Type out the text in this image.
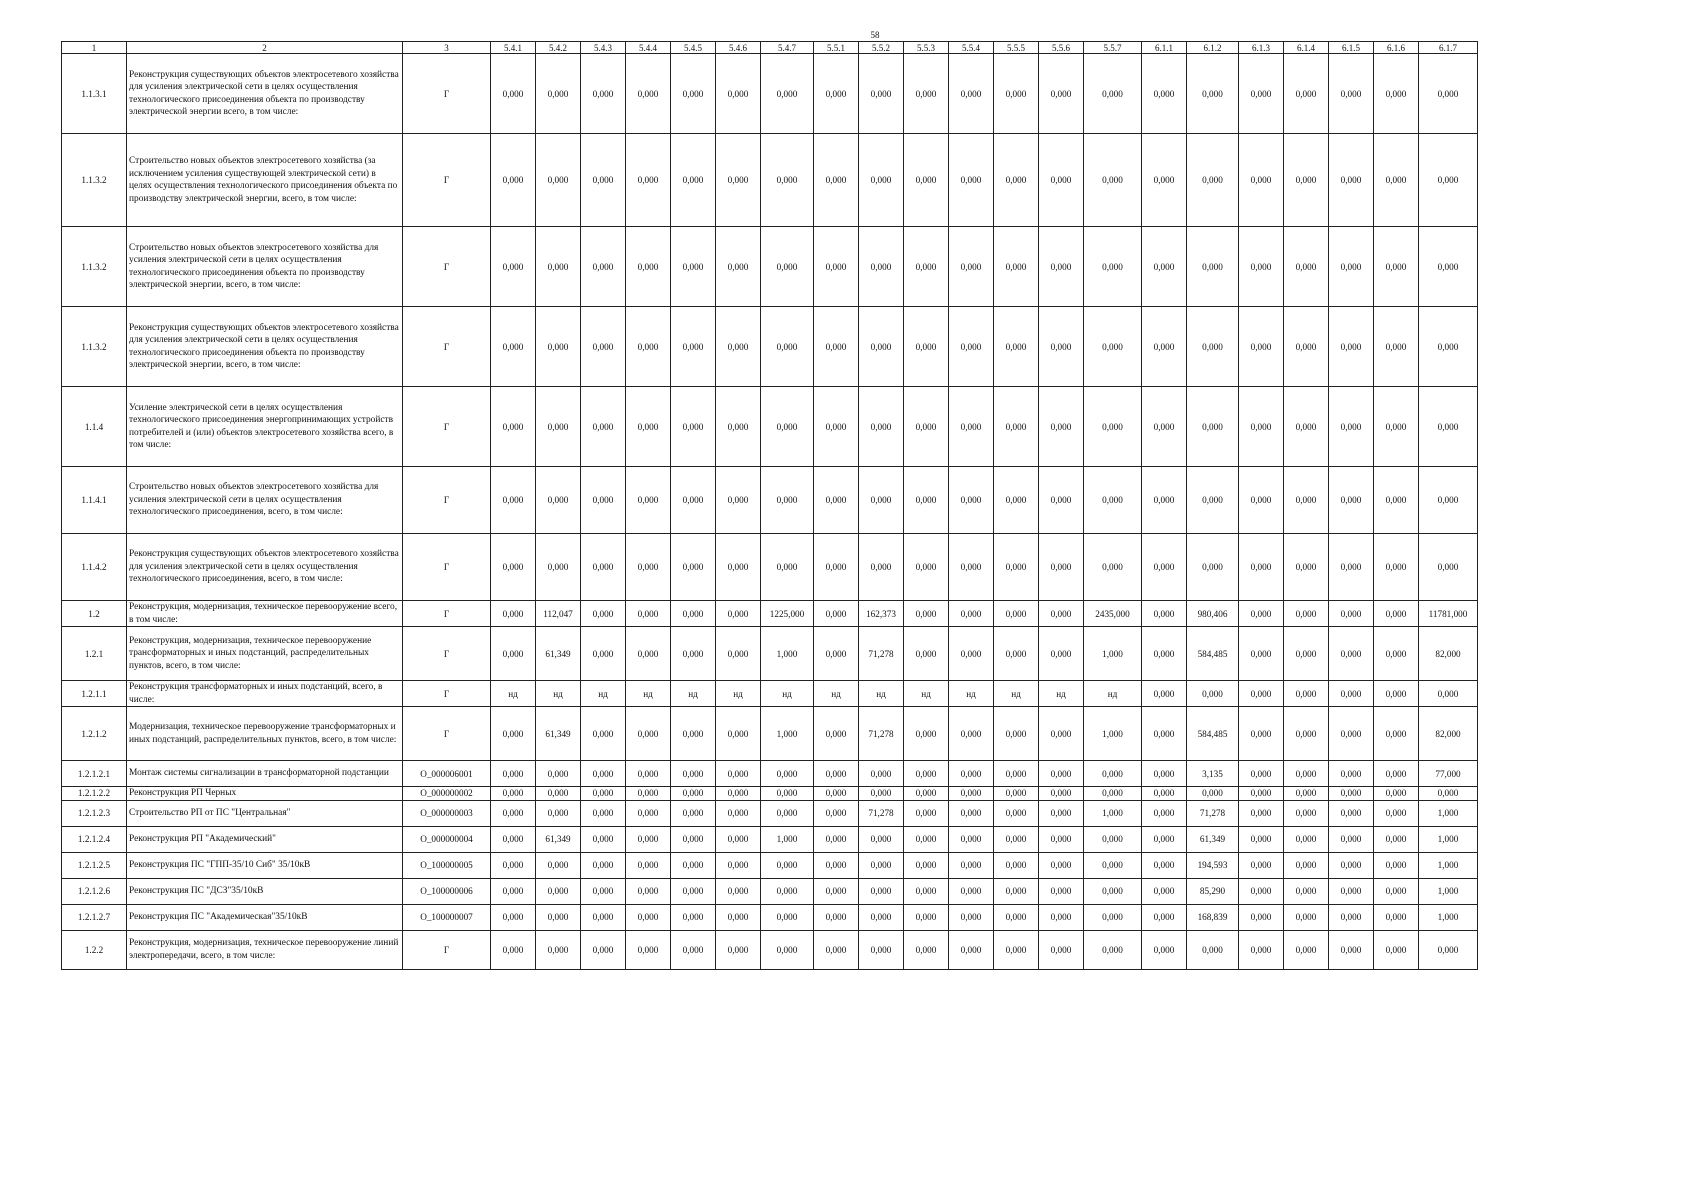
58
1	2	3	5.4.1	5.4.2	5.4.3	5.4.4	5.4.5	5.4.6	5.4.7	5.5.1	5.5.2	5.5.3	5.5.4	5.5.5	5.5.6	5.5.7	6.1.1	6.1.2	6.1.3	6.1.4	6.1.5	6.1.6	6.1.7
1.1.3.1	Реконструкция существующих объектов электросетевого хозяйства для усиления электрической сети в целях осуществления технологического присоединения объекта по производству электрической энергии всего, в том числе:	Г	0,000	0,000	0,000	0,000	0,000	0,000	0,000	0,000	0,000	0,000	0,000	0,000	0,000	0,000	0,000	0,000	0,000	0,000	0,000	0,000	0,000
1.1.3.2	Строительство новых объектов электросетевого хозяйства (за исключением усиления существующей электрической сети) в целях осуществления технологического присоединения объекта по производству электрической энергии, всего, в том числе:	Г	0,000	0,000	0,000	0,000	0,000	0,000	0,000	0,000	0,000	0,000	0,000	0,000	0,000	0,000	0,000	0,000	0,000	0,000	0,000	0,000	0,000
1.1.3.2	Строительство новых объектов электросетевого хозяйства для усиления электрической сети в целях осуществления технологического присоединения объекта по производству электрической энергии, всего, в том числе:	Г	0,000	0,000	0,000	0,000	0,000	0,000	0,000	0,000	0,000	0,000	0,000	0,000	0,000	0,000	0,000	0,000	0,000	0,000	0,000	0,000	0,000
1.1.3.2	Реконструкция существующих объектов электросетевого хозяйства для усиления электрической сети в целях осуществления технологического присоединения объекта по производству электрической энергии, всего, в том числе:	Г	0,000	0,000	0,000	0,000	0,000	0,000	0,000	0,000	0,000	0,000	0,000	0,000	0,000	0,000	0,000	0,000	0,000	0,000	0,000	0,000	0,000
1.1.4	Усиление электрической сети в целях осуществления технологического присоединения энергопринимающих устройств потребителей и (или) объектов электросетевого хозяйства всего, в том числе:	Г	0,000	0,000	0,000	0,000	0,000	0,000	0,000	0,000	0,000	0,000	0,000	0,000	0,000	0,000	0,000	0,000	0,000	0,000	0,000	0,000	0,000
1.1.4.1	Строительство новых объектов электросетевого хозяйства для усиления электрической сети в целях осуществления технологического присоединения, всего, в том числе:	Г	0,000	0,000	0,000	0,000	0,000	0,000	0,000	0,000	0,000	0,000	0,000	0,000	0,000	0,000	0,000	0,000	0,000	0,000	0,000	0,000	0,000
1.1.4.2	Реконструкция существующих объектов электросетевого хозяйства для усиления электрической сети в целях осуществления технологического присоединения, всего, в том числе:	Г	0,000	0,000	0,000	0,000	0,000	0,000	0,000	0,000	0,000	0,000	0,000	0,000	0,000	0,000	0,000	0,000	0,000	0,000	0,000	0,000	0,000
1.2	Реконструкция, модернизация, техническое перевооружение всего, в том числе:	Г	0,000	112,047	0,000	0,000	0,000	0,000	1225,000	0,000	162,373	0,000	0,000	0,000	0,000	2435,000	0,000	980,406	0,000	0,000	0,000	0,000	11781,000
1.2.1	Реконструкция, модернизация, техническое перевооружение трансформаторных и иных подстанций, распределительных пунктов, всего, в том числе:	Г	0,000	61,349	0,000	0,000	0,000	0,000	1,000	0,000	71,278	0,000	0,000	0,000	0,000	1,000	0,000	584,485	0,000	0,000	0,000	0,000	82,000
1.2.1.1	Реконструкция трансформаторных и иных подстанций, всего, в числе:	Г	нд	нд	нд	нд	нд	нд	нд	нд	нд	нд	нд	нд	нд	нд	0,000	0,000	0,000	0,000	0,000	0,000	0,000
1.2.1.2	Модернизация, техническое перевооружение трансформаторных и иных подстанций, распределительных пунктов, всего, в том числе:	Г	0,000	61,349	0,000	0,000	0,000	0,000	1,000	0,000	71,278	0,000	0,000	0,000	0,000	1,000	0,000	584,485	0,000	0,000	0,000	0,000	82,000
1.2.1.2.1	Монтаж системы сигнализации в трансформаторной подстанции	O_000006001	0,000	0,000	0,000	0,000	0,000	0,000	0,000	0,000	0,000	0,000	0,000	0,000	0,000	0,000	0,000	3,135	0,000	0,000	0,000	0,000	77,000
1.2.1.2.2	Реконструкция РП Черных	O_000000002	0,000	0,000	0,000	0,000	0,000	0,000	0,000	0,000	0,000	0,000	0,000	0,000	0,000	0,000	0,000	0,000	0,000	0,000	0,000	0,000	0,000
1.2.1.2.3	Строительство РП от ПС "Центральная"	O_000000003	0,000	0,000	0,000	0,000	0,000	0,000	0,000	0,000	71,278	0,000	0,000	0,000	0,000	1,000	0,000	71,278	0,000	0,000	0,000	0,000	1,000
1.2.1.2.4	Реконструкция РП "Академический"	O_000000004	0,000	61,349	0,000	0,000	0,000	0,000	1,000	0,000	0,000	0,000	0,000	0,000	0,000	0,000	0,000	61,349	0,000	0,000	0,000	0,000	1,000
1.2.1.2.5	Реконструкция ПС "ГПП-35/10 Сиб" 35/10кВ	O_100000005	0,000	0,000	0,000	0,000	0,000	0,000	0,000	0,000	0,000	0,000	0,000	0,000	0,000	0,000	0,000	194,593	0,000	0,000	0,000	0,000	1,000
1.2.1.2.6	Реконструкция ПС "ДСЗ"35/10кВ	O_100000006	0,000	0,000	0,000	0,000	0,000	0,000	0,000	0,000	0,000	0,000	0,000	0,000	0,000	0,000	0,000	85,290	0,000	0,000	0,000	0,000	1,000
1.2.1.2.7	Реконструкция ПС "Академическая"35/10кВ	O_100000007	0,000	0,000	0,000	0,000	0,000	0,000	0,000	0,000	0,000	0,000	0,000	0,000	0,000	0,000	0,000	168,839	0,000	0,000	0,000	0,000	1,000
1.2.2	Реконструкция, модернизация, техническое перевооружение линий электропередачи, всего, в том числе:	Г	0,000	0,000	0,000	0,000	0,000	0,000	0,000	0,000	0,000	0,000	0,000	0,000	0,000	0,000	0,000	0,000	0,000	0,000	0,000	0,000	0,000
